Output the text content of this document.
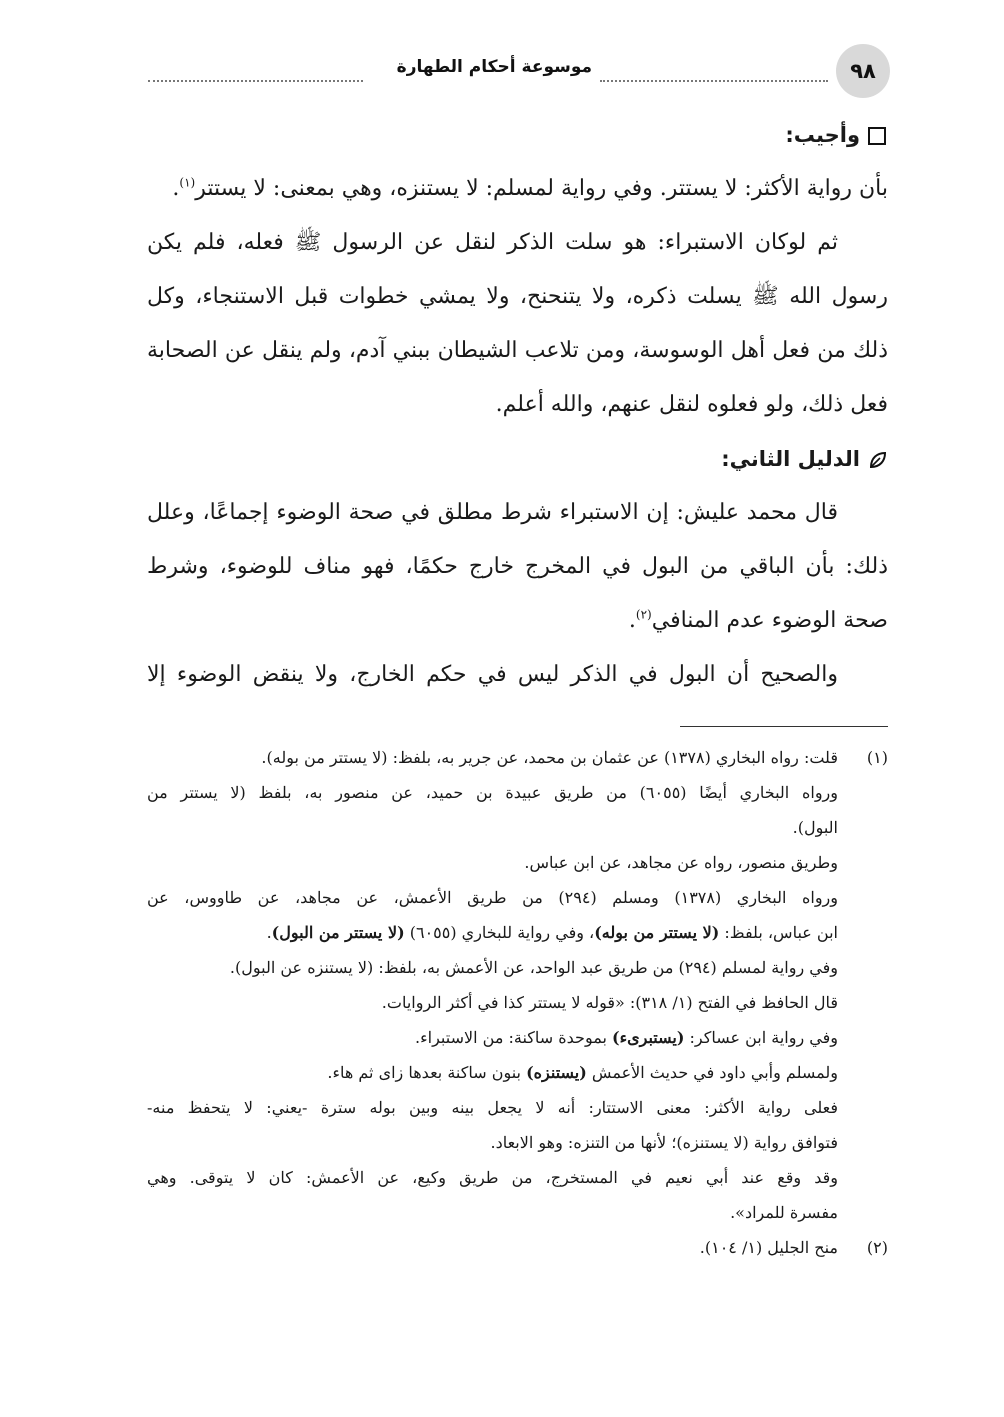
٩٨
موسوعة أحكام الطهارة
وأجيب:
بأن رواية الأكثر: لا يستتر. وفي رواية لمسلم: لا يستنزه، وهي بمعنى: لا يستتر$^{(١)}$.
ثم لوكان الاستبراء: هو سلت الذكر لنقل عن الرسول ﷺ فعله، فلم يكن
رسول الله ﷺ يسلت ذكره، ولا يتنحنح، ولا يمشي خطوات قبل الاستنجاء، وكل
ذلك من فعل أهل الوسوسة، ومن تلاعب الشيطان ببني آدم، ولم ينقل عن الصحابة
فعل ذلك، ولو فعلوه لنقل عنهم، والله أعلم.
الدليل الثاني:
قال محمد عليش: إن الاستبراء شرط مطلق في صحة الوضوء إجماعًا، وعلل
ذلك: بأن الباقي من البول في المخرج خارج حكمًا، فهو مناف للوضوء، وشرط
صحة الوضوء عدم المنافي$^{(٢)}$.
والصحيح أن البول في الذكر ليس في حكم الخارج، ولا ينقض الوضوء إلا
(١)قلت: رواه البخاري (١٣٧٨) عن عثمان بن محمد، عن جرير به، بلفظ: (لا يستتر من بوله).
ورواه البخاري أيضًا (٦٠٥٥) من طريق عبيدة بن حميد، عن منصور به، بلفظ (لا يستتر من
البول).
وطريق منصور، رواه عن مجاهد، عن ابن عباس.
ورواه البخاري (١٣٧٨) ومسلم (٢٩٤) من طريق الأعمش، عن مجاهد، عن طاووس، عن
ابن عباس، بلفظ: (لا يستتر من بوله)، وفي رواية للبخاري (٦٠٥٥) (لا يستتر من البول).
وفي رواية لمسلم (٢٩٤) من طريق عبد الواحد، عن الأعمش به، بلفظ: (لا يستنزه عن البول).
قال الحافظ في الفتح (١/ ٣١٨): «قوله لا يستتر كذا في أكثر الروايات.
وفي رواية ابن عساكر: (يستبرىء) بموحدة ساكنة: من الاستبراء.
ولمسلم وأبي داود في حديث الأعمش (يستنزه) بنون ساكنة بعدها زاى ثم هاء.
فعلى رواية الأكثر: معنى الاستتار: أنه لا يجعل بينه وبين بوله سترة -يعني: لا يتحفظ منه-
فتوافق رواية (لا يستنزه)؛ لأنها من التنزه: وهو الابعاد.
وقد وقع عند أبي نعيم في المستخرج، من طريق وكيع، عن الأعمش: كان لا يتوقى. وهي
مفسرة للمراد».
(٢)منح الجليل (١/ ١٠٤).
